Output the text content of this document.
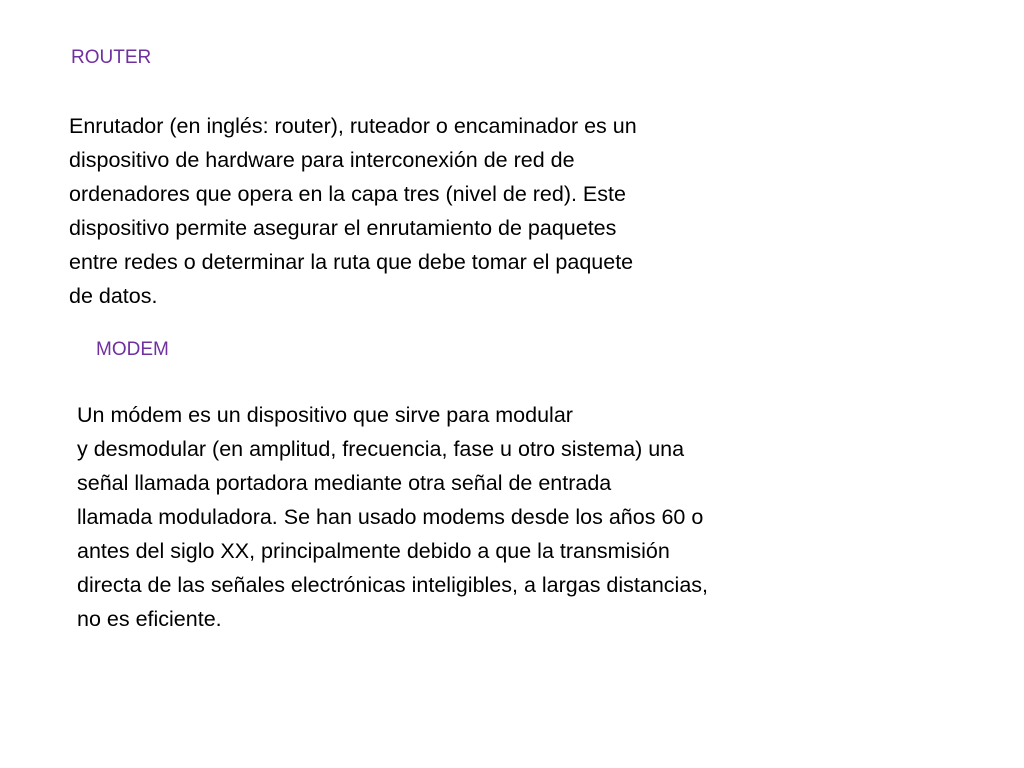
ROUTER

Enrutador (en inglés: router), ruteador o encaminador es un
dispositivo de hardware para interconexión de red de
ordenadores que opera en la capa tres (nivel de red). Este
dispositivo permite asegurar el enrutamiento de paquetes
entre redes o determinar la ruta que debe tomar el paquete
de datos.

MODEM

Un módem es un dispositivo que sirve para modular
y desmodular (en amplitud, frecuencia, fase u otro sistema) una
señal llamada portadora mediante otra señal de entrada
llamada moduladora. Se han usado modems desde los años 60 o
antes del siglo XX, principalmente debido a que la transmisión
directa de las señales electrónicas inteligibles, a largas distancias,
no es eficiente.
